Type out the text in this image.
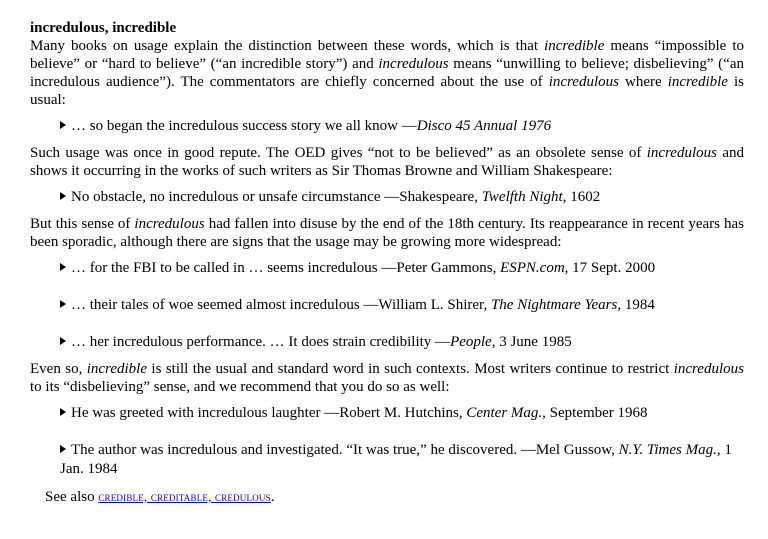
incredulous, incredible

Many books on usage explain the distinction between these words, which is that incredible means “impossible to believe” or “hard to believe” (“an incredible story”) and incredulous means “unwilling to believe; disbelieving” (“an incredulous audience”). The commentators are chiefly concerned about the use of incredulous where incredible is usual:

… so began the incredulous success story we all know —Disco 45 Annual 1976

Such usage was once in good repute. The OED gives “not to be believed” as an obsolete sense of incredulous and shows it occurring in the works of such writers as Sir Thomas Browne and William Shakespeare:

No obstacle, no incredulous or unsafe circumstance —Shakespeare, Twelfth Night, 1602

But this sense of incredulous had fallen into disuse by the end of the 18th century. Its reappearance in recent years has been sporadic, although there are signs that the usage may be growing more widespread:

… for the FBI to be called in … seems incredulous —Peter Gammons, ESPN.com, 17 Sept. 2000
… their tales of woe seemed almost incredulous —William L. Shirer, The Nightmare Years, 1984
… her incredulous performance. … It does strain credibility —People, 3 June 1985

Even so, incredible is still the usual and standard word in such contexts. Most writers continue to restrict incredulous to its “disbelieving” sense, and we recommend that you do so as well:

He was greeted with incredulous laughter —Robert M. Hutchins, Center Mag., September 1968
The author was incredulous and investigated. “It was true,” he discovered. —Mel Gussow, N.Y. Times Mag., 1 Jan. 1984
See also credible, creditable, credulous.
